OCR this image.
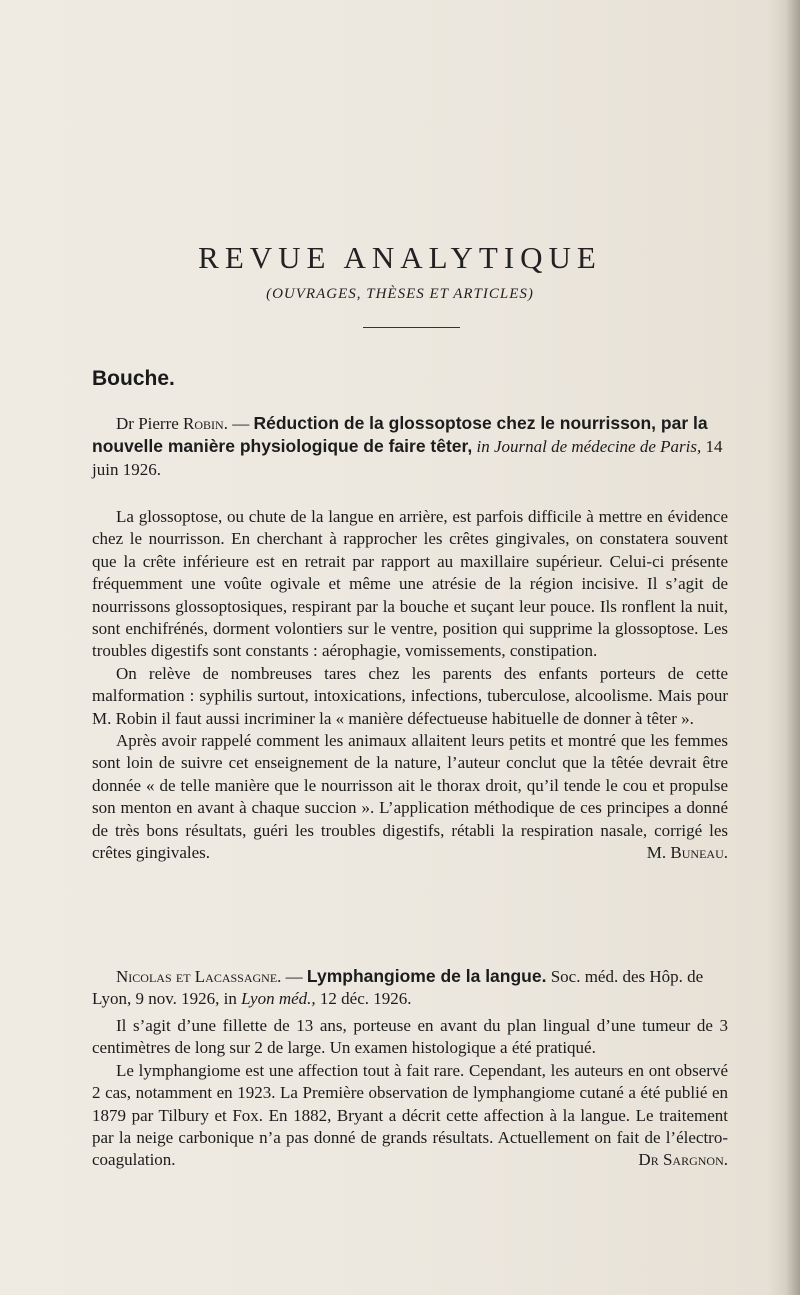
REVUE ANALYTIQUE
(OUVRAGES, THÈSES ET ARTICLES)
Bouche.

Dr Pierre Robin. — Réduction de la glossoptose chez le nourrisson, par la nouvelle manière physiologique de faire têter, in Journal de médecine de Paris, 14 juin 1926.

La glossoptose, ou chute de la langue en arrière, est parfois difficile à mettre en évidence chez le nourrisson. En cherchant à rapprocher les crêtes gingivales, on constatera souvent que la crête inférieure est en retrait par rapport au maxillaire supérieur. Celui-ci présente fréquemment une voûte ogivale et même une atrésie de la région incisive. Il s’agit de nourrissons glossoptosiques, respirant par la bouche et suçant leur pouce. Ils ronflent la nuit, sont enchifrénés, dorment volontiers sur le ventre, position qui supprime la glossoptose. Les troubles digestifs sont constants : aérophagie, vomissements, constipation.

On relève de nombreuses tares chez les parents des enfants porteurs de cette malformation : syphilis surtout, intoxications, infections, tuberculose, alcoolisme. Mais pour M. Robin il faut aussi incriminer la « manière défectueuse habituelle de donner à têter ».

Après avoir rappelé comment les animaux allaitent leurs petits et montré que les femmes sont loin de suivre cet enseignement de la nature, l’auteur conclut que la têtée devrait être donnée « de telle manière que le nourrisson ait le thorax droit, qu’il tende le cou et propulse son menton en avant à chaque succion ». L’application méthodique de ces principes a donné de très bons résultats, guéri les troubles digestifs, rétabli la respiration nasale, corrigé les crêtes gingivales.	M. Buneau.

Nicolas et Lacassagne. — Lymphangiome de la langue. Soc. méd. des Hôp. de Lyon, 9 nov. 1926, in Lyon méd., 12 déc. 1926.

Il s’agit d’une fillette de 13 ans, porteuse en avant du plan lingual d’une tumeur de 3 centimètres de long sur 2 de large. Un examen histologique a été pratiqué.

Le lymphangiome est une affection tout à fait rare. Cependant, les auteurs en ont observé 2 cas, notamment en 1923. La Première observation de lymphangiome cutané a été publié en 1879 par Tilbury et Fox. En 1882, Bryant a décrit cette affection à la langue. Le traitement par la neige carbonique n’a pas donné de grands résultats. Actuellement on fait de l’électro-coagulation.	Dr Sargnon.
